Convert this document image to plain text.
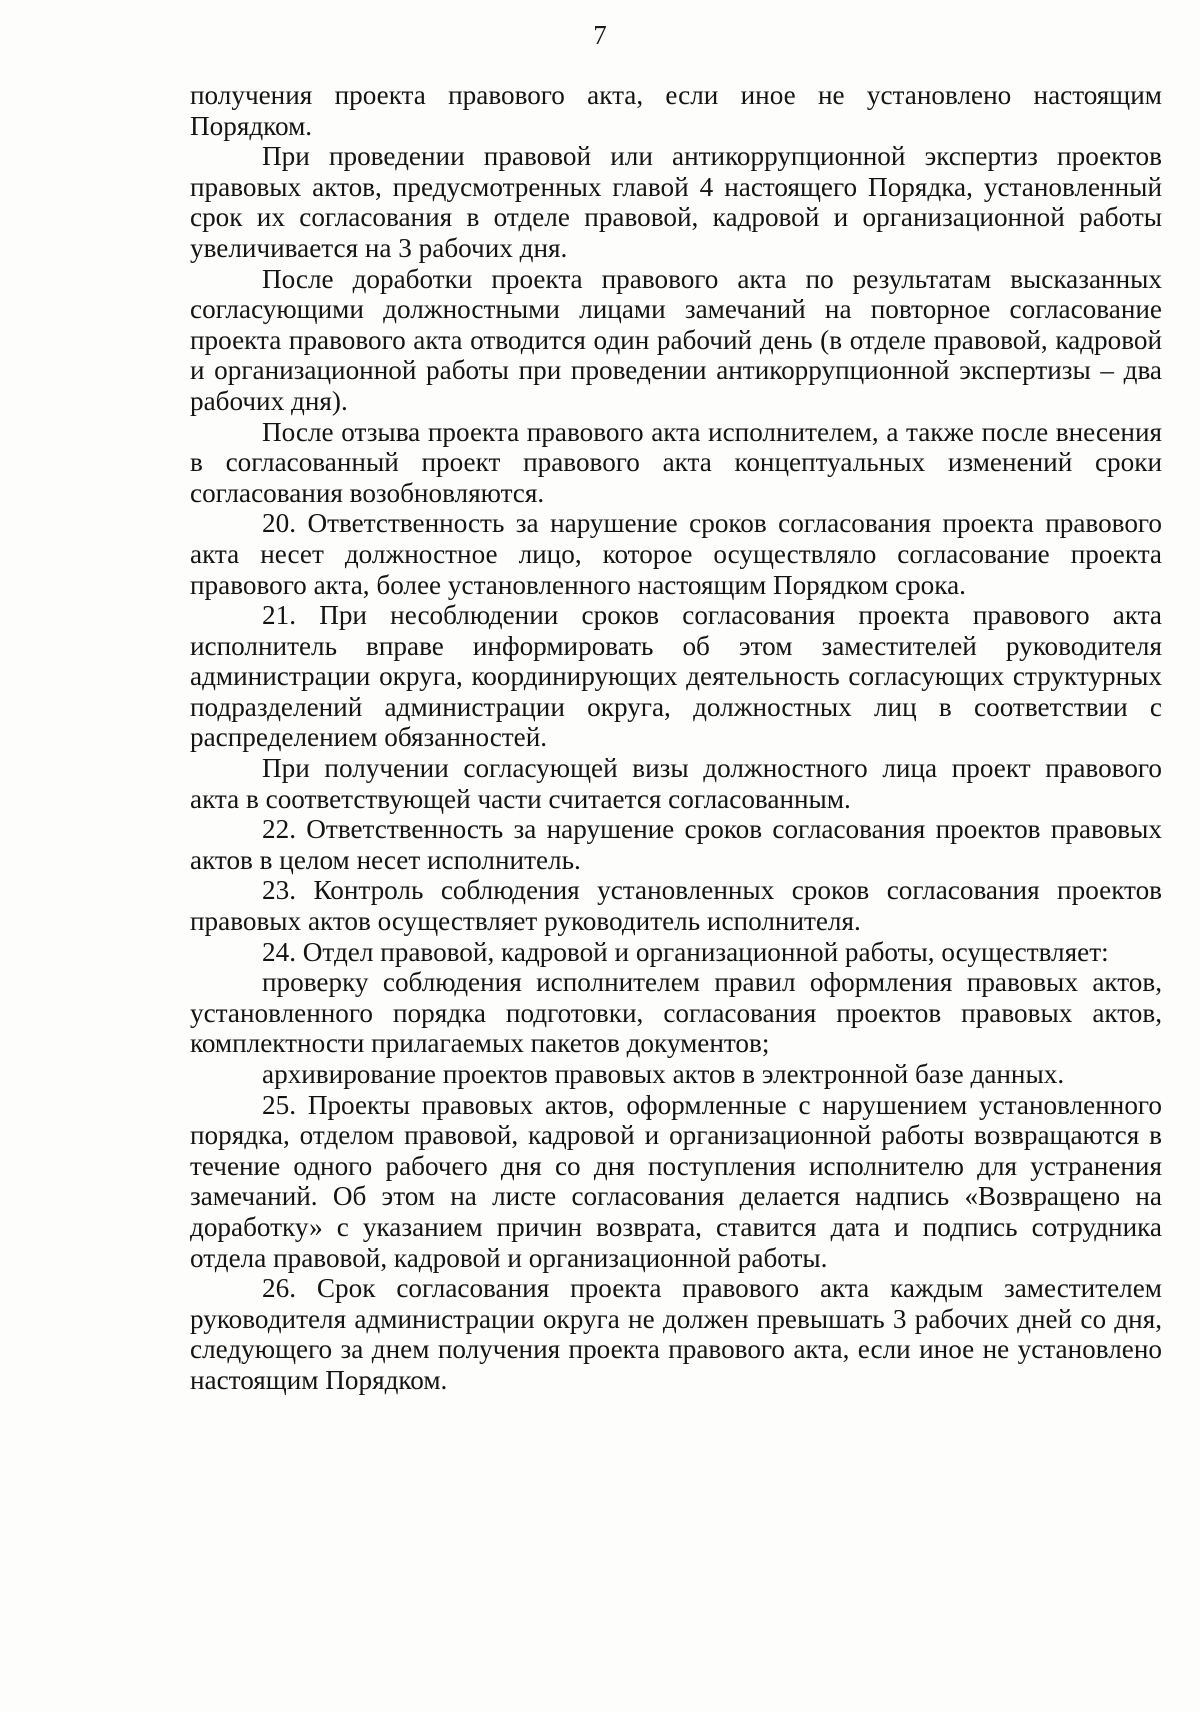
7

получения проекта правового акта, если иное не установлено настоящим Порядком.

При проведении правовой или антикоррупционной экспертиз проектов правовых актов, предусмотренных главой 4 настоящего Порядка, установленный срок их согласования в отделе правовой, кадровой и организационной работы увеличивается на 3 рабочих дня.

После доработки проекта правового акта по результатам высказанных согласующими должностными лицами замечаний на повторное согласование проекта правового акта отводится один рабочий день (в отделе правовой, кадровой и организационной работы при проведении антикоррупционной экспертизы – два рабочих дня).

После отзыва проекта правового акта исполнителем, а также после внесения в согласованный проект правового акта концептуальных изменений сроки согласования возобновляются.

20. Ответственность за нарушение сроков согласования проекта правового акта несет должностное лицо, которое осуществляло согласование проекта правового акта, более установленного настоящим Порядком срока.

21. При несоблюдении сроков согласования проекта правового акта исполнитель вправе информировать об этом заместителей руководителя администрации округа, координирующих деятельность согласующих структурных подразделений администрации округа, должностных лиц в соответствии с распределением обязанностей.

При получении согласующей визы должностного лица проект правового акта в соответствующей части считается согласованным.

22. Ответственность за нарушение сроков согласования проектов правовых актов в целом несет исполнитель.

23. Контроль соблюдения установленных сроков согласования проектов правовых актов осуществляет руководитель исполнителя.

24. Отдел правовой, кадровой и организационной работы, осуществляет:

проверку соблюдения исполнителем правил оформления правовых актов, установленного порядка подготовки, согласования проектов правовых актов, комплектности прилагаемых пакетов документов;

архивирование проектов правовых актов в электронной базе данных.

25. Проекты правовых актов, оформленные с нарушением установленного порядка, отделом правовой, кадровой и организационной работы возвращаются в течение одного рабочего дня со дня поступления исполнителю для устранения замечаний. Об этом на листе согласования делается надпись «Возвращено на доработку» с указанием причин возврата, ставится дата и подпись сотрудника отдела правовой, кадровой и организационной работы.

26. Срок согласования проекта правового акта каждым заместителем руководителя администрации округа не должен превышать 3 рабочих дней со дня, следующего за днем получения проекта правового акта, если иное не установлено настоящим Порядком.
